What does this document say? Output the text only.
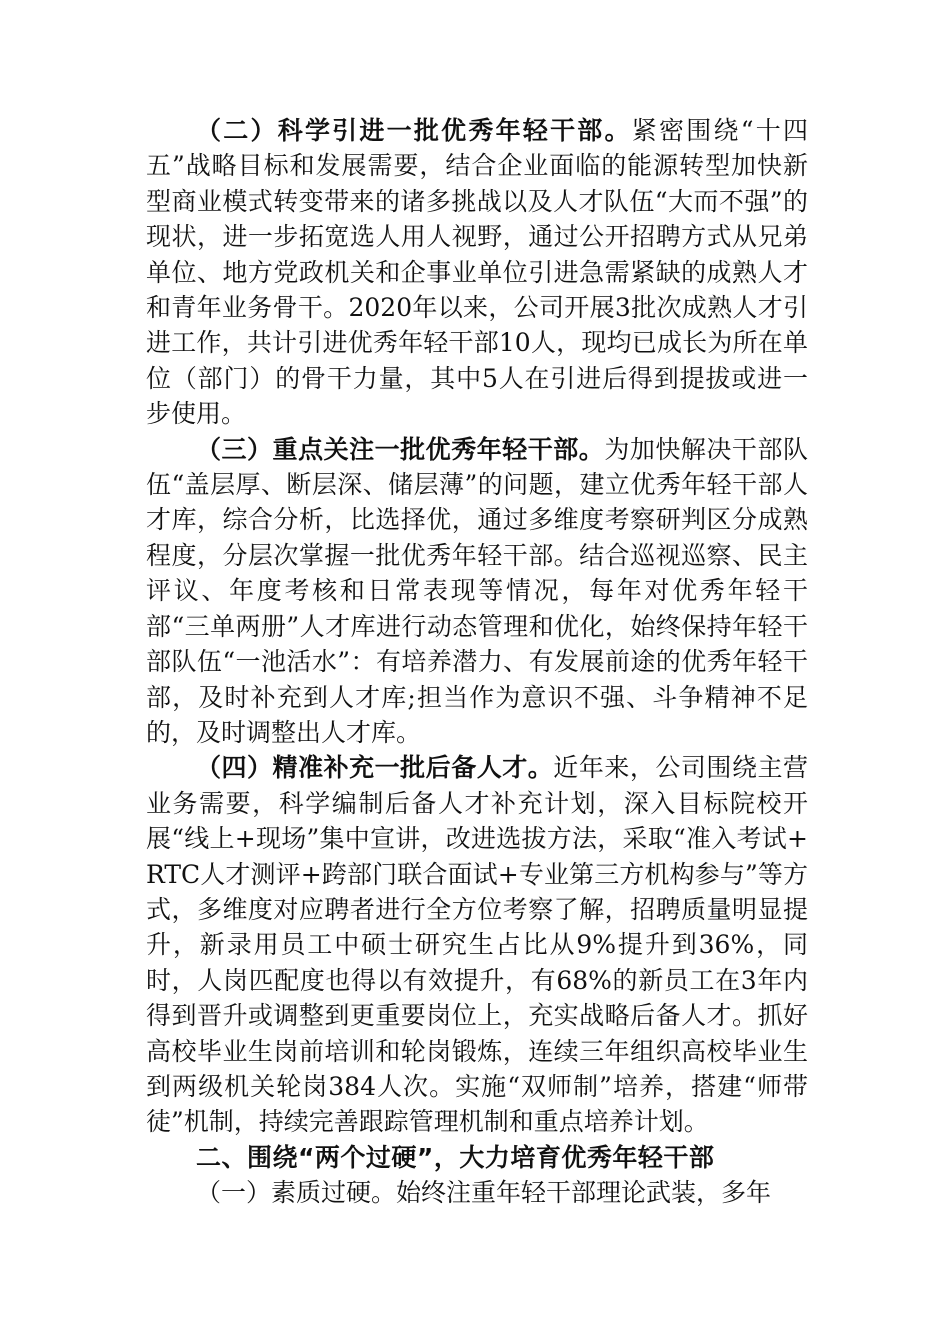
（二）科学引进一批优秀年轻干部。紧密围绕“十四五”战略目标和发展需要，结合企业面临的能源转型加快新型商业模式转变带来的诸多挑战以及人才队伍“大而不强”的现状，进一步拓宽选人用人视野，通过公开招聘方式从兄弟单位、地方党政机关和企事业单位引进急需紧缺的成熟人才和青年业务骨干。2020年以来，公司开展3批次成熟人才引进工作，共计引进优秀年轻干部10人，现均已成长为所在单位（部门）的骨干力量，其中5人在引进后得到提拔或进一步使用。

（三）重点关注一批优秀年轻干部。为加快解决干部队伍“盖层厚、断层深、储层薄”的问题，建立优秀年轻干部人才库，综合分析，比选择优，通过多维度考察研判区分成熟程度，分层次掌握一批优秀年轻干部。结合巡视巡察、民主评议、年度考核和日常表现等情况，每年对优秀年轻干部“三单两册”人才库进行动态管理和优化，始终保持年轻干部队伍“一池活水”：有培养潜力、有发展前途的优秀年轻干部，及时补充到人才库;担当作为意识不强、斗争精神不足的，及时调整出人才库。

（四）精准补充一批后备人才。近年来，公司围绕主营业务需要，科学编制后备人才补充计划，深入目标院校开展“线上+现场”集中宣讲，改进选拔方法，采取“准入考试+RTC人才测评+跨部门联合面试+专业第三方机构参与”等方式，多维度对应聘者进行全方位考察了解，招聘质量明显提升，新录用员工中硕士研究生占比从9%提升到36%，同时，人岗匹配度也得以有效提升，有68%的新员工在3年内得到晋升或调整到更重要岗位上，充实战略后备人才。抓好高校毕业生岗前培训和轮岗锻炼，连续三年组织高校毕业生到两级机关轮岗384人次。实施“双师制”培养，搭建“师带徒”机制，持续完善跟踪管理机制和重点培养计划。

二、围绕“两个过硬”，大力培育优秀年轻干部

（一）素质过硬。始终注重年轻干部理论武装，多年
